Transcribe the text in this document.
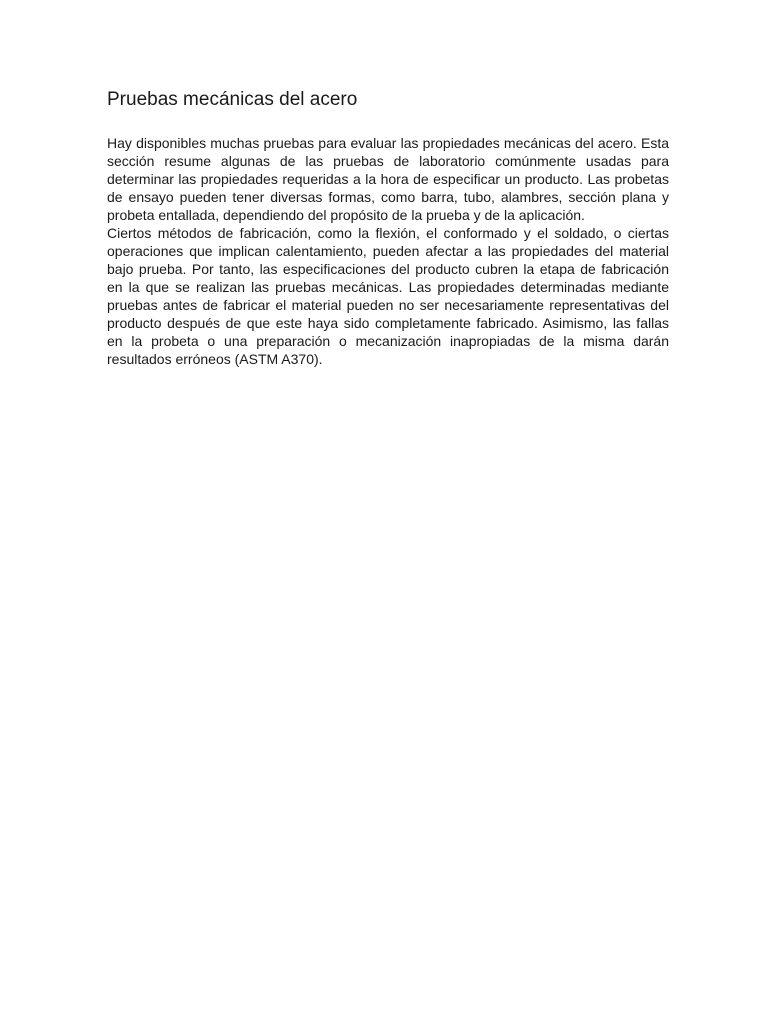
Pruebas mecánicas del acero

Hay disponibles muchas pruebas para evaluar las propiedades mecánicas del acero. Esta sección resume algunas de las pruebas de laboratorio comúnmente usadas para determinar las propiedades requeridas a la hora de especificar un producto. Las probetas de ensayo pueden tener diversas formas, como barra, tubo, alambres, sección plana y probeta entallada, dependiendo del propósito de la prueba y de la aplicación.

Ciertos métodos de fabricación, como la flexión, el conformado y el soldado, o ciertas operaciones que implican calentamiento, pueden afectar a las propiedades del material bajo prueba. Por tanto, las especificaciones del producto cubren la etapa de fabricación en la que se realizan las pruebas mecánicas. Las propiedades determinadas mediante pruebas antes de fabricar el material pueden no ser necesariamente representativas del producto después de que este haya sido completamente fabricado. Asimismo, las fallas en la probeta o una preparación o mecanización inapropiadas de la misma darán resultados erróneos (ASTM A370).
